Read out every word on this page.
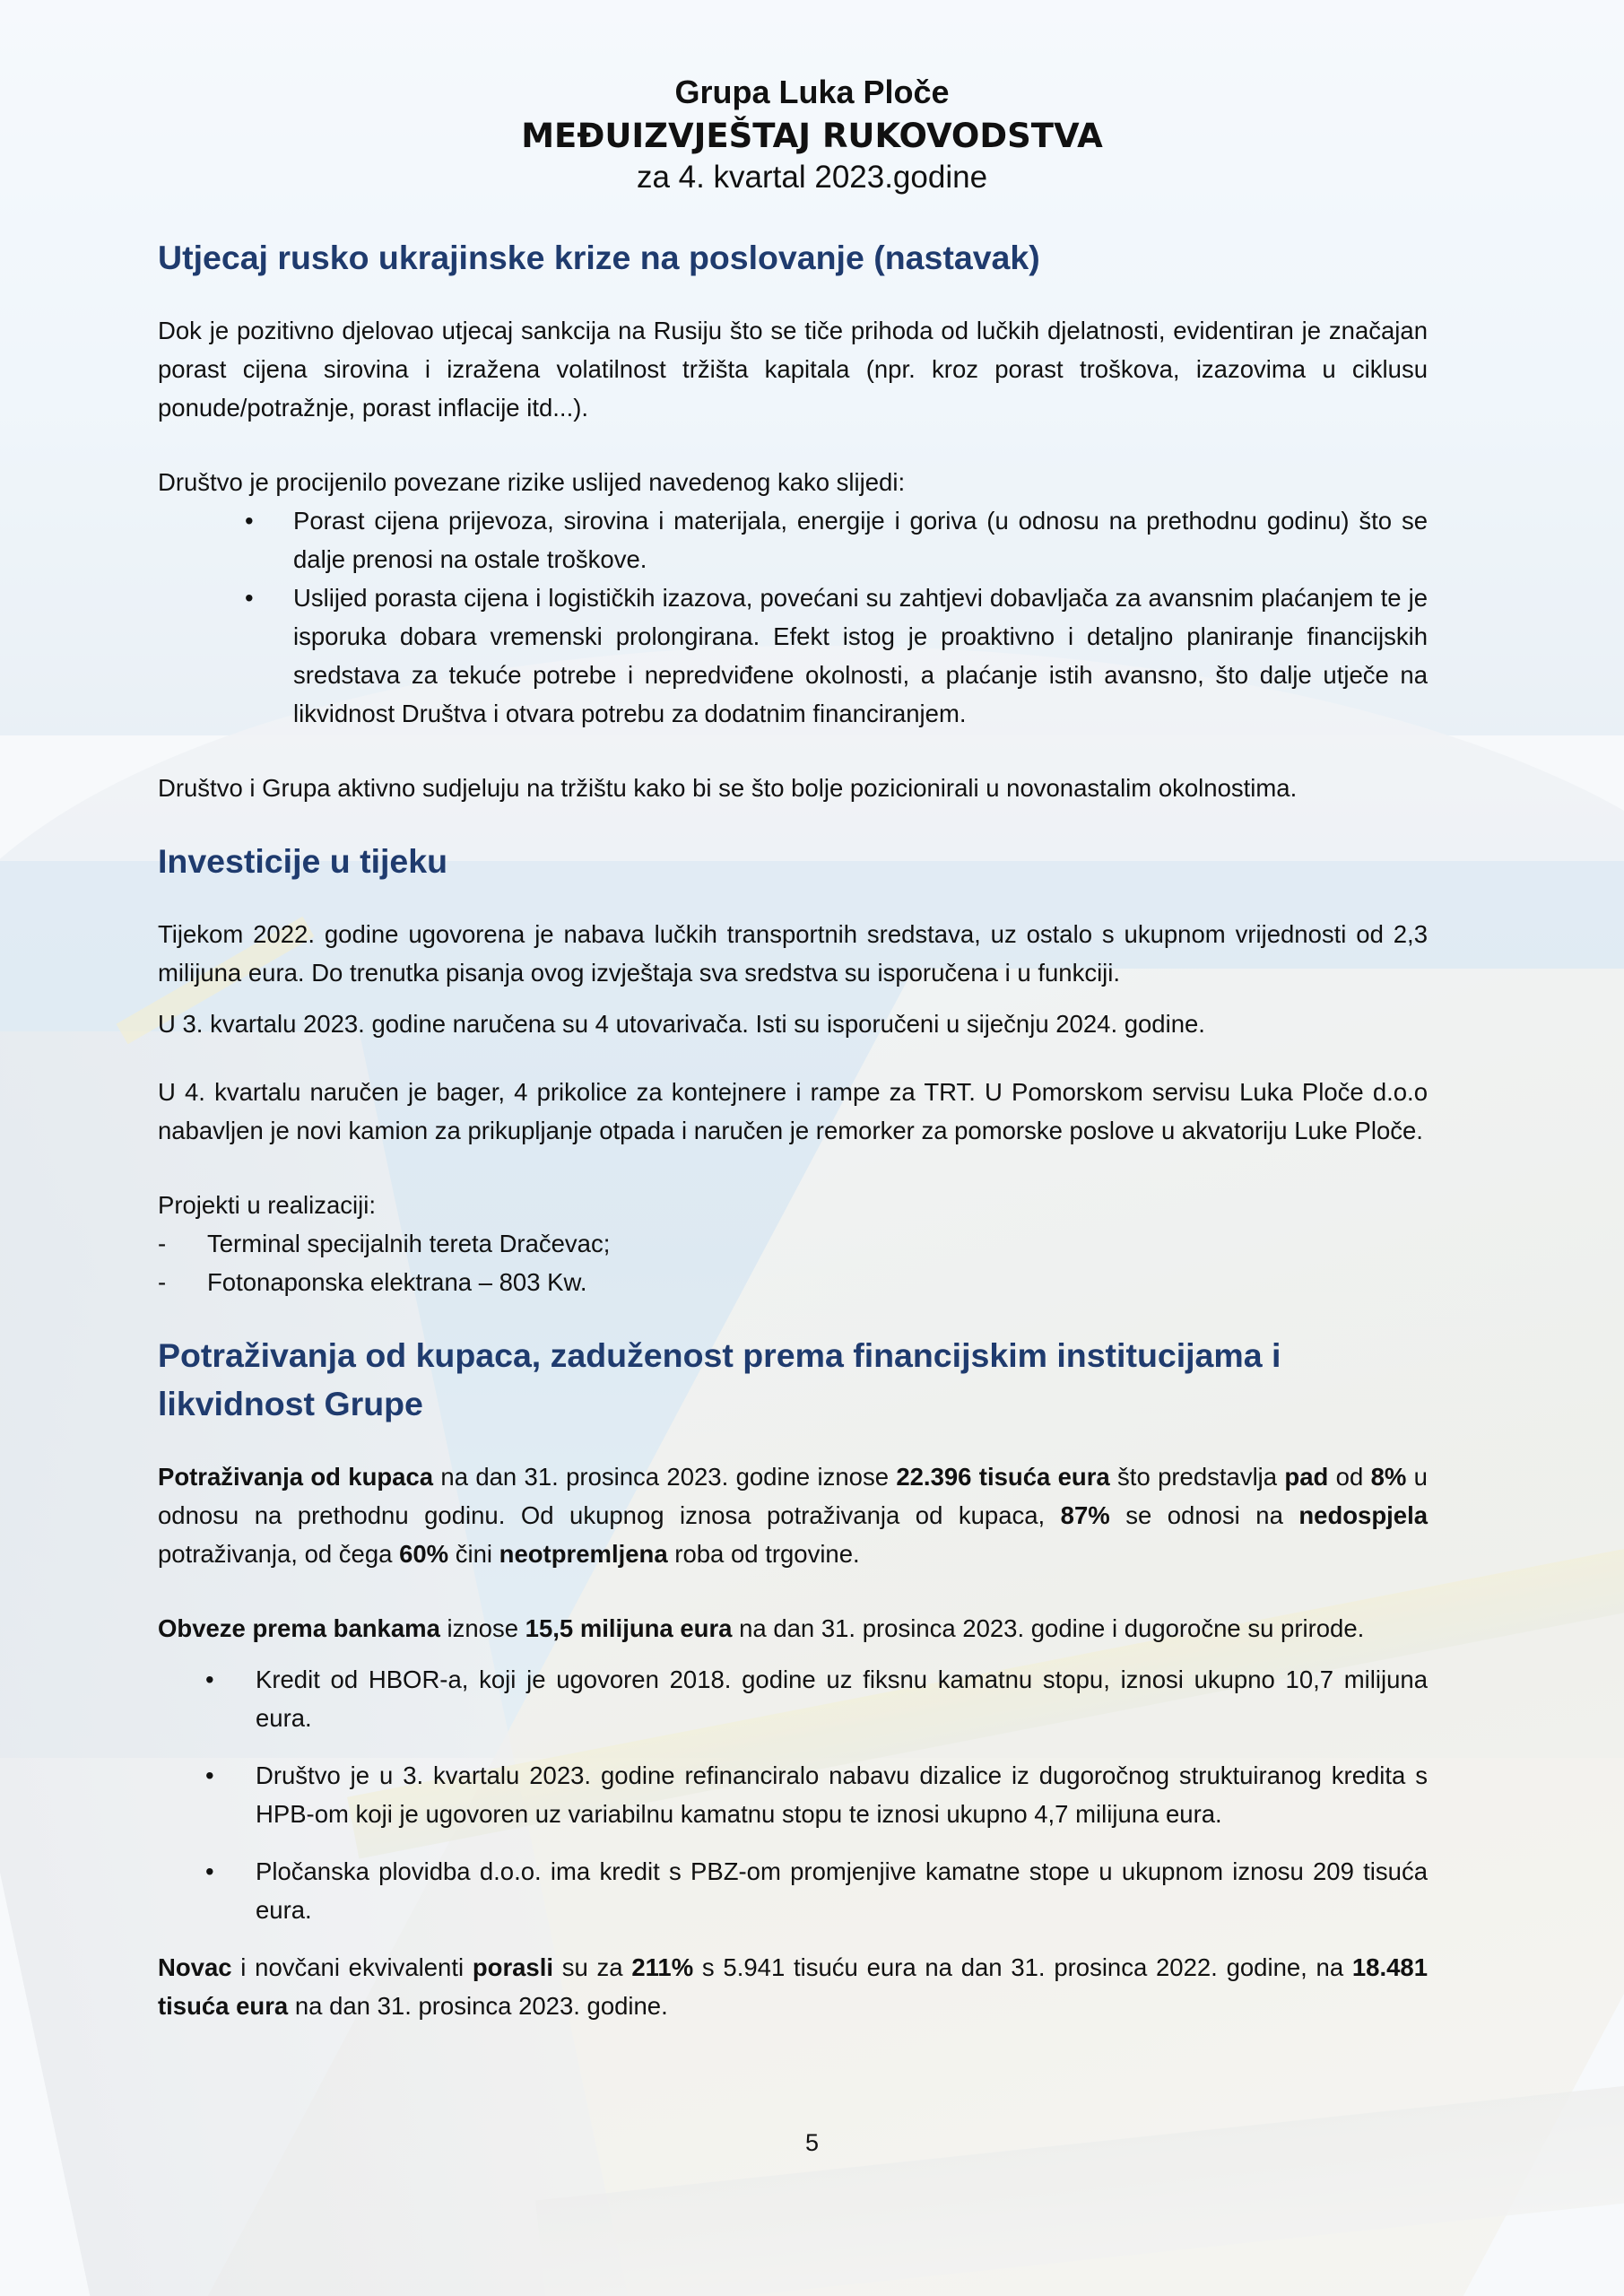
Grupa Luka Ploče
MEĐUIZVJEŠTAJ RUKOVODSTVA
za 4. kvartal 2023.godine
Utjecaj rusko ukrajinske krize na poslovanje (nastavak)

Dok je pozitivno djelovao utjecaj sankcija na Rusiju što se tiče prihoda od lučkih djelatnosti, evidentiran je značajan porast cijena sirovina i izražena volatilnost tržišta kapitala (npr. kroz porast troškova, izazovima u ciklusu ponude/potražnje, porast inflacije itd...).

Društvo je procijenilo povezane rizike uslijed navedenog kako slijedi:

• Porast cijena prijevoza, sirovina i materijala, energije i goriva (u odnosu na prethodnu godinu) što se dalje prenosi na ostale troškove.
• Uslijed porasta cijena i logističkih izazova, povećani su zahtjevi dobavljača za avansnim plaćanjem te je isporuka dobara vremenski prolongirana. Efekt istog je proaktivno i detaljno planiranje financijskih sredstava za tekuće potrebe i nepredviđene okolnosti, a plaćanje istih avansno, što dalje utječe na likvidnost Društva i otvara potrebu za dodatnim financiranjem.

Društvo i Grupa aktivno sudjeluju na tržištu kako bi se što bolje pozicionirali u novonastalim okolnostima.

Investicije u tijeku

Tijekom 2022. godine ugovorena je nabava lučkih transportnih sredstava, uz ostalo s ukupnom vrijednosti od 2,3 milijuna eura. Do trenutka pisanja ovog izvještaja sva sredstva su isporučena i u funkciji.

U 3. kvartalu 2023. godine naručena su 4 utovarivača. Isti su isporučeni u siječnju 2024. godine.

U 4. kvartalu naručen je bager, 4 prikolice za kontejnere i rampe za TRT. U Pomorskom servisu Luka Ploče d.o.o nabavljen je novi kamion za prikupljanje otpada i naručen je remorker za pomorske poslove u akvatoriju Luke Ploče.

Projekti u realizaciji:

- Terminal specijalnih tereta Dračevac;
- Fotonaponska elektrana – 803 Kw.
Potraživanja od kupaca, zaduženost prema financijskim institucijama i likvidnost Grupe

Potraživanja od kupaca na dan 31. prosinca 2023. godine iznose 22.396 tisuća eura što predstavlja pad od 8% u odnosu na prethodnu godinu. Od ukupnog iznosa potraživanja od kupaca, 87% se odnosi na nedospjela potraživanja, od čega 60% čini neotpremljena roba od trgovine.

Obveze prema bankama iznose 15,5 milijuna eura na dan 31. prosinca 2023. godine i dugoročne su prirode.

• Kredit od HBOR-a, koji je ugovoren 2018. godine uz fiksnu kamatnu stopu, iznosi ukupno 10,7 milijuna eura.
• Društvo je u 3. kvartalu 2023. godine refinanciralo nabavu dizalice iz dugoročnog struktuiranog kredita s HPB-om koji je ugovoren uz variabilnu kamatnu stopu te iznosi ukupno 4,7 milijuna eura.
• Pločanska plovidba d.o.o. ima kredit s PBZ-om promjenjive kamatne stope u ukupnom iznosu 209 tisuća eura.

Novac i novčani ekvivalenti porasli su za 211% s 5.941 tisuću eura na dan 31. prosinca 2022. godine, na 18.481 tisuća eura na dan 31. prosinca 2023. godine.

5
